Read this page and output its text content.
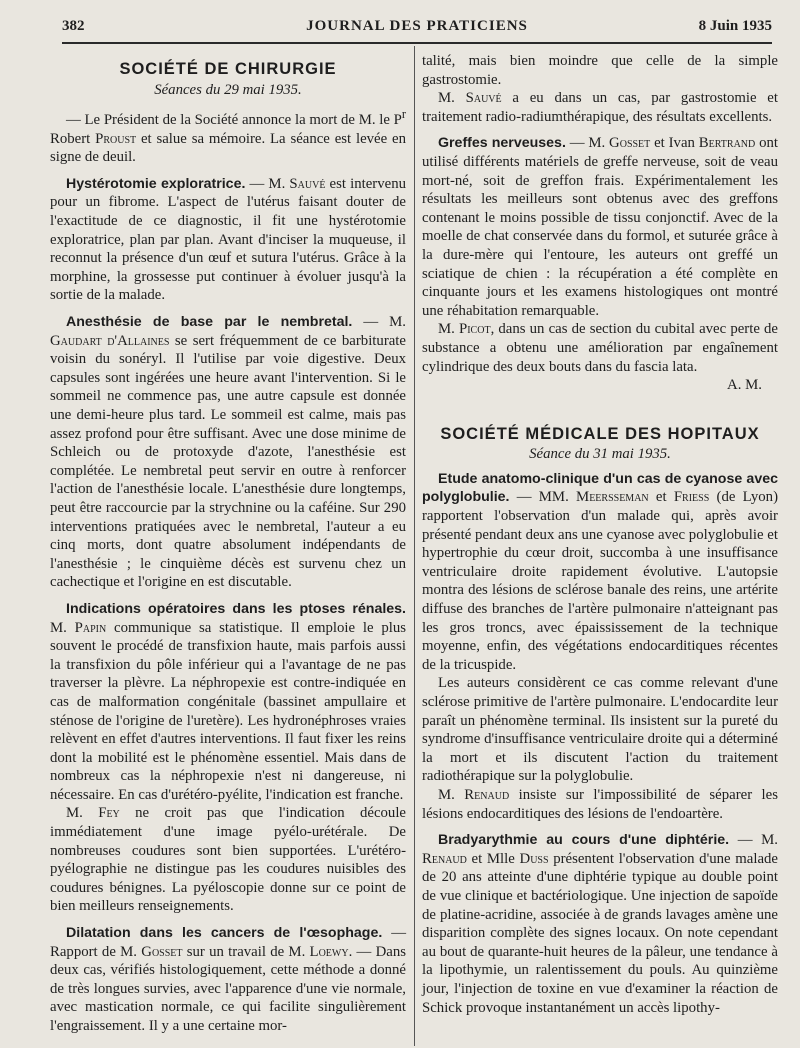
382	JOURNAL DES PRATICIENS	8 Juin 1935
SOCIÉTÉ DE CHIRURGIE
Séances du 29 mai 1935.

— Le Président de la Société annonce la mort de M. le $P^r$ Robert Proust et salue sa mémoire. La séance est levée en signe de deuil.

Hystérotomie exploratrice. — M. Sauvé est intervenu pour un fibrome. L'aspect de l'utérus faisant douter de l'exactitude de ce diagnostic, il fit une hystérotomie exploratrice, plan par plan. Avant d'inciser la muqueuse, il reconnut la présence d'un œuf et sutura l'utérus. Grâce à la morphine, la grossesse put continuer à évoluer jusqu'à la sortie de la malade.

Anesthésie de base par le nembretal. — M. Gaudart d'Allaines se sert fréquemment de ce barbiturate voisin du sonéryl. Il l'utilise par voie digestive. Deux capsules sont ingérées une heure avant l'intervention. Si le sommeil ne commence pas, une autre capsule est donnée une demi-heure plus tard. Le sommeil est calme, mais pas assez profond pour être suffisant. Avec une dose minime de Schleich ou de protoxyde d'azote, l'anesthésie est complétée. Le nembretal peut servir en outre à renforcer l'action de l'anesthésie locale. L'anesthésie dure longtemps, peut être raccourcie par la strychnine ou la caféine. Sur 290 interventions pratiquées avec le nembretal, l'auteur a eu cinq morts, dont quatre absolument indépendants de l'anesthésie ; le cinquième décès est survenu chez un cachectique et l'origine en est discutable.

Indications opératoires dans les ptoses rénales. M. Papin communique sa statistique. Il emploie le plus souvent le procédé de transfixion haute, mais parfois aussi la transfixion du pôle inférieur qui a l'avantage de ne pas traverser la plèvre. La néphropexie est contre-indiquée en cas de malformation congénitale (bassinet ampullaire et sténose de l'origine de l'uretère). Les hydronéphroses vraies relèvent en effet d'autres interventions. Il faut fixer les reins dont la mobilité est le phénomène essentiel. Mais dans de nombreux cas la néphropexie n'est ni dangereuse, ni nécessaire. En cas d'urétéro-pyélite, l'indication est franche.

M. Fey ne croit pas que l'indication découle immédiatement d'une image pyélo-urétérale. De nombreuses coudures sont bien supportées. L'urétéro-pyélographie ne distingue pas les coudures nuisibles des coudures bénignes. La pyéloscopie donne sur ce point de bien meilleurs renseignements.

Dilatation dans les cancers de l'œsophage. — Rapport de M. Gosset sur un travail de M. Loewy. — Dans deux cas, vérifiés histologiquement, cette méthode a donné de très longues survies, avec l'apparence d'une vie normale, avec mastication normale, ce qui facilite singulièrement l'engraissement. Il y a une certaine mor-

talité, mais bien moindre que celle de la simple gastrostomie.

M. Sauvé a eu dans un cas, par gastrostomie et traitement radio-radiumthérapique, des résultats excellents.

Greffes nerveuses. — M. Gosset et Ivan Bertrand ont utilisé différents matériels de greffe nerveuse, soit de veau mort-né, soit de greffon frais. Expérimentalement les résultats les meilleurs sont obtenus avec des greffons contenant le moins possible de tissu conjonctif. Avec de la moelle de chat conservée dans du formol, et suturée grâce à la dure-mère qui l'entoure, les auteurs ont greffé un sciatique de chien : la récupération a été complète en cinquante jours et les examens histologiques ont montré une réhabitation remarquable.

M. Picot, dans un cas de section du cubital avec perte de substance a obtenu une amélioration par engaînement cylindrique des deux bouts dans du fascia lata.

A. M.

SOCIÉTÉ MÉDICALE DES HOPITAUX
Séance du 31 mai 1935.

Etude anatomo-clinique d'un cas de cyanose avec polyglobulie. — MM. Meersseman et Friess (de Lyon) rapportent l'observation d'un malade qui, après avoir présenté pendant deux ans une cyanose avec polyglobulie et hypertrophie du cœur droit, succomba à une insuffisance ventriculaire droite rapidement évolutive. L'autopsie montra des lésions de sclérose banale des reins, une artérite diffuse des branches de l'artère pulmonaire n'atteignant pas les gros troncs, avec épaississement de la technique moyenne, enfin, des végétations endocarditiques récentes de la tricuspide.

Les auteurs considèrent ce cas comme relevant d'une sclérose primitive de l'artère pulmonaire. L'endocardite leur paraît un phénomène terminal. Ils insistent sur la pureté du syndrome d'insuffisance ventriculaire droite qui a déterminé la mort et ils discutent l'action du traitement radiothérapique sur la polyglobulie.

M. Renaud insiste sur l'impossibilité de séparer les lésions endocarditiques des lésions de l'endoartère.

Bradyarythmie au cours d'une diphtérie. — M. Renaud et Mlle Duss présentent l'observation d'une malade de 20 ans atteinte d'une diphtérie typique au double point de vue clinique et bactériologique. Une injection de sapoïde de platine-acridine, associée à de grands lavages amène une disparition complète des signes locaux. On note cependant au bout de quarante-huit heures de la pâleur, une tendance à la lipothymie, un ralentissement du pouls. Au quinzième jour, l'injection de toxine en vue d'examiner la réaction de Schick provoque instantanément un accès lipothy-
